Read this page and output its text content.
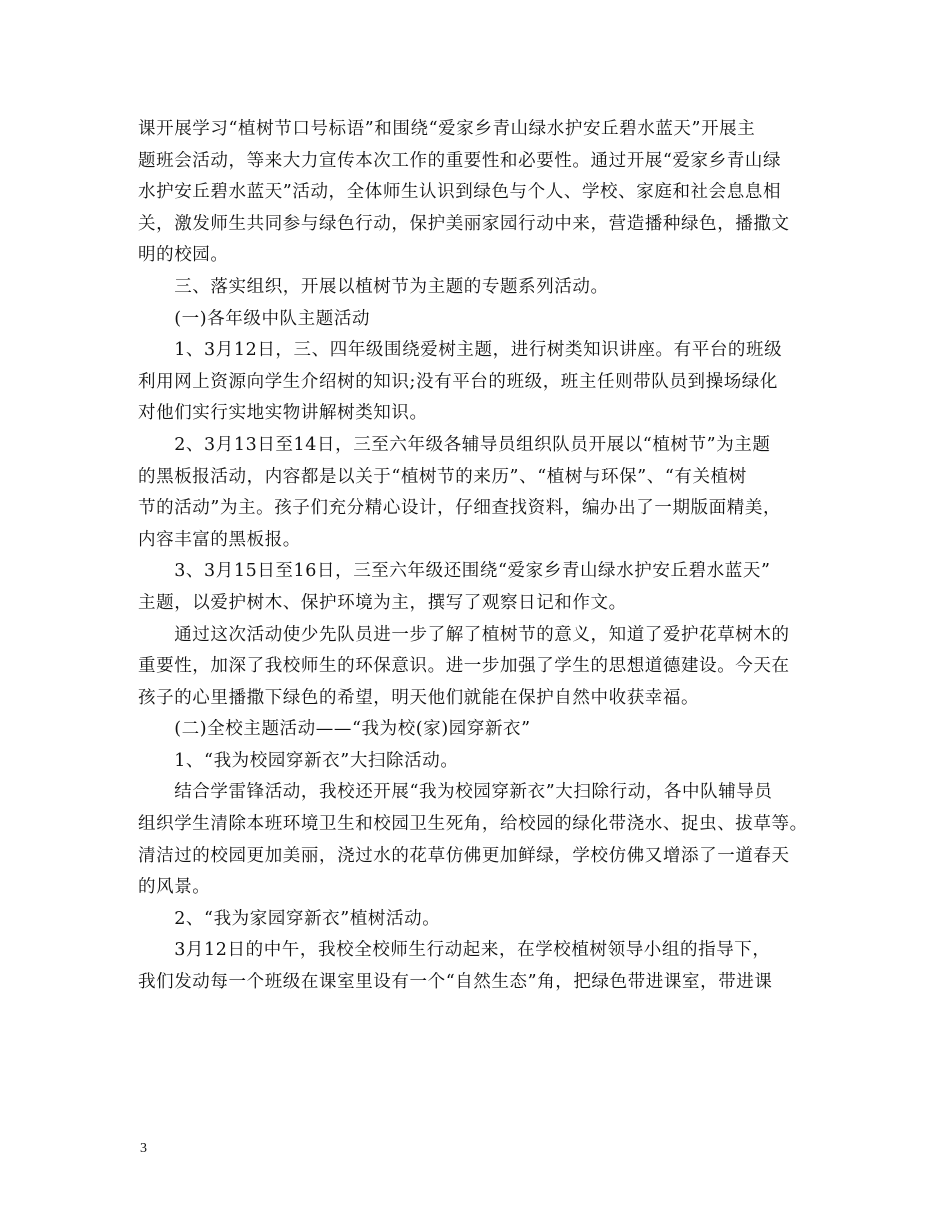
课开展学习“植树节口号标语”和围绕“爱家乡青山绿水护安丘碧水蓝天”开展主
题班会活动，等来大力宣传本次工作的重要性和必要性。通过开展“爱家乡青山绿
水护安丘碧水蓝天”活动，全体师生认识到绿色与个人、学校、家庭和社会息息相
关，激发师生共同参与绿色行动，保护美丽家园行动中来，营造播种绿色，播撒文
明的校园。
　　三、落实组织，开展以植树节为主题的专题系列活动。
　　(一)各年级中队主题活动
　　1、3月12日，三、四年级围绕爱树主题，进行树类知识讲座。有平台的班级
利用网上资源向学生介绍树的知识;没有平台的班级，班主任则带队员到操场绿化
对他们实行实地实物讲解树类知识。
　　2、3月13日至14日，三至六年级各辅导员组织队员开展以“植树节”为主题
的黑板报活动，内容都是以关于“植树节的来历”、“植树与环保”、“有关植树
节的活动”为主。孩子们充分精心设计，仔细查找资料，编办出了一期版面精美，
内容丰富的黑板报。
　　3、3月15日至16日，三至六年级还围绕“爱家乡青山绿水护安丘碧水蓝天”
主题，以爱护树木、保护环境为主，撰写了观察日记和作文。
　　通过这次活动使少先队员进一步了解了植树节的意义，知道了爱护花草树木的
重要性，加深了我校师生的环保意识。进一步加强了学生的思想道德建设。今天在
孩子的心里播撒下绿色的希望，明天他们就能在保护自然中收获幸福。
　　(二)全校主题活动——“我为校(家)园穿新衣”
　　1、“我为校园穿新衣”大扫除活动。
　　结合学雷锋活动，我校还开展“我为校园穿新衣”大扫除行动，各中队辅导员
组织学生清除本班环境卫生和校园卫生死角，给校园的绿化带浇水、捉虫、拔草等。
清洁过的校园更加美丽，浇过水的花草仿佛更加鲜绿，学校仿佛又增添了一道春天
的风景。
　　2、“我为家园穿新衣”植树活动。
　　3月12日的中午，我校全校师生行动起来，在学校植树领导小组的指导下，
我们发动每一个班级在课室里设有一个“自然生态”角，把绿色带进课室，带进课
3
